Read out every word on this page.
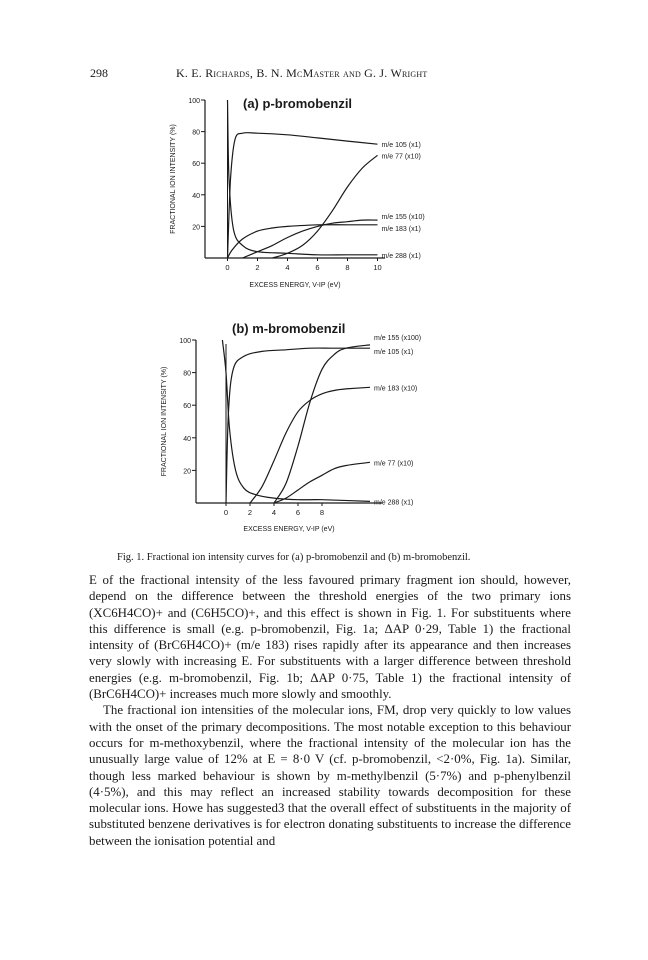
298	K. E. Richards, B. N. McMaster and G. J. Wright
20
40
60
80
100
0	2	4	6	8	10
EXCESS ENERGY, V-IP (eV)
FRACTIONAL ION INTENSITY (%)
(a) p-bromobenzil
m/e 105 (x1)
m/e 77 (x10)
m/e 155 (x10)
m/e 183 (x1)
m/e 288 (x1)
20
40
60
80
100
0	2	4	6	8
EXCESS ENERGY, V-IP (eV)
FRACTIONAL ION INTENSITY (%)
(b) m-bromobenzil
m/e 155 (x100)
m/e 105 (x1)
m/e 183 (x10)
m/e 77 (x10)
m/e 288 (x1)
Fig. 1. Fractional ion intensity curves for (a) p-bromobenzil and (b) m-bromobenzil.

E of the fractional intensity of the less favoured primary fragment ion should, however, depend on the difference between the threshold energies of the two primary ions (XC6H4CO)+ and (C6H5CO)+, and this effect is shown in Fig. 1. For substituents where this difference is small (e.g. p-bromobenzil, Fig. 1a; ΔAP 0·29, Table 1) the fractional intensity of (BrC6H4CO)+ (m/e 183) rises rapidly after its appearance and then increases very slowly with increasing E. For substituents with a larger difference between threshold energies (e.g. m-bromobenzil, Fig. 1b; ΔAP 0·75, Table 1) the fractional intensity of (BrC6H4CO)+ increases much more slowly and smoothly.

The fractional ion intensities of the molecular ions, FM, drop very quickly to low values with the onset of the primary decompositions. The most notable exception to this behaviour occurs for m-methoxybenzil, where the fractional intensity of the molecular ion has the unusually large value of 12% at E = 8·0 V (cf. p-bromobenzil, <2·0%, Fig. 1a). Similar, though less marked behaviour is shown by m-methylbenzil (5·7%) and p-phenylbenzil (4·5%), and this may reflect an increased stability towards decomposition for these molecular ions. Howe has suggested3 that the overall effect of substituents in the majority of substituted benzene derivatives is for electron donating substituents to increase the difference between the ionisation potential and
